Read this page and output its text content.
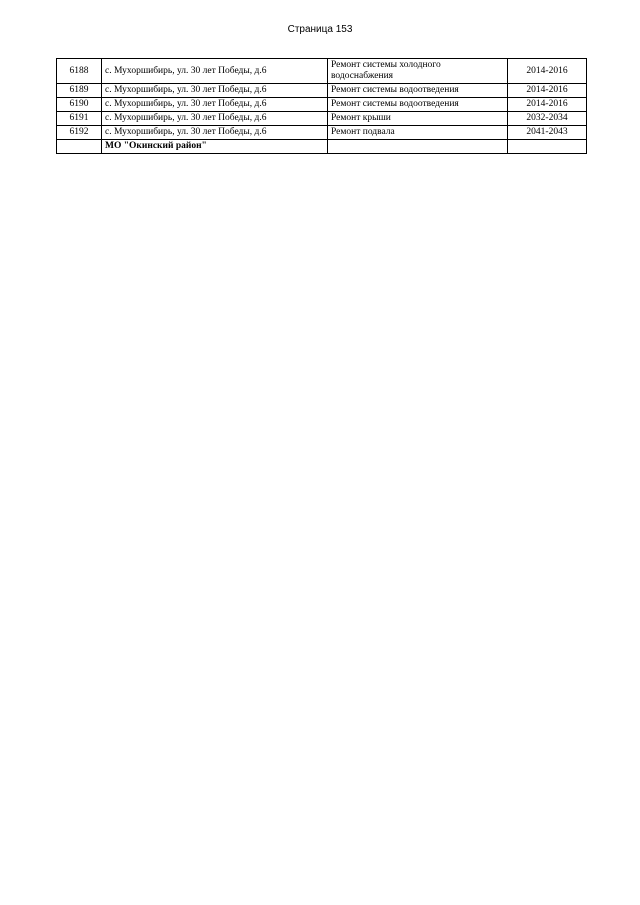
Страница 153
6188	с. Мухоршибирь, ул. 30 лет Победы, д.6	Ремонт системы холодного водоснабжения	2014-2016
6189	с. Мухоршибирь, ул. 30 лет Победы, д.6	Ремонт системы водоотведения	2014-2016
6190	с. Мухоршибирь, ул. 30 лет Победы, д.6	Ремонт системы водоотведения	2014-2016
6191	с. Мухоршибирь, ул. 30 лет Победы, д.6	Ремонт крыши	2032-2034
6192	с. Мухоршибирь, ул. 30 лет Победы, д.6	Ремонт подвала	2041-2043
	МО "Окинский район"		
